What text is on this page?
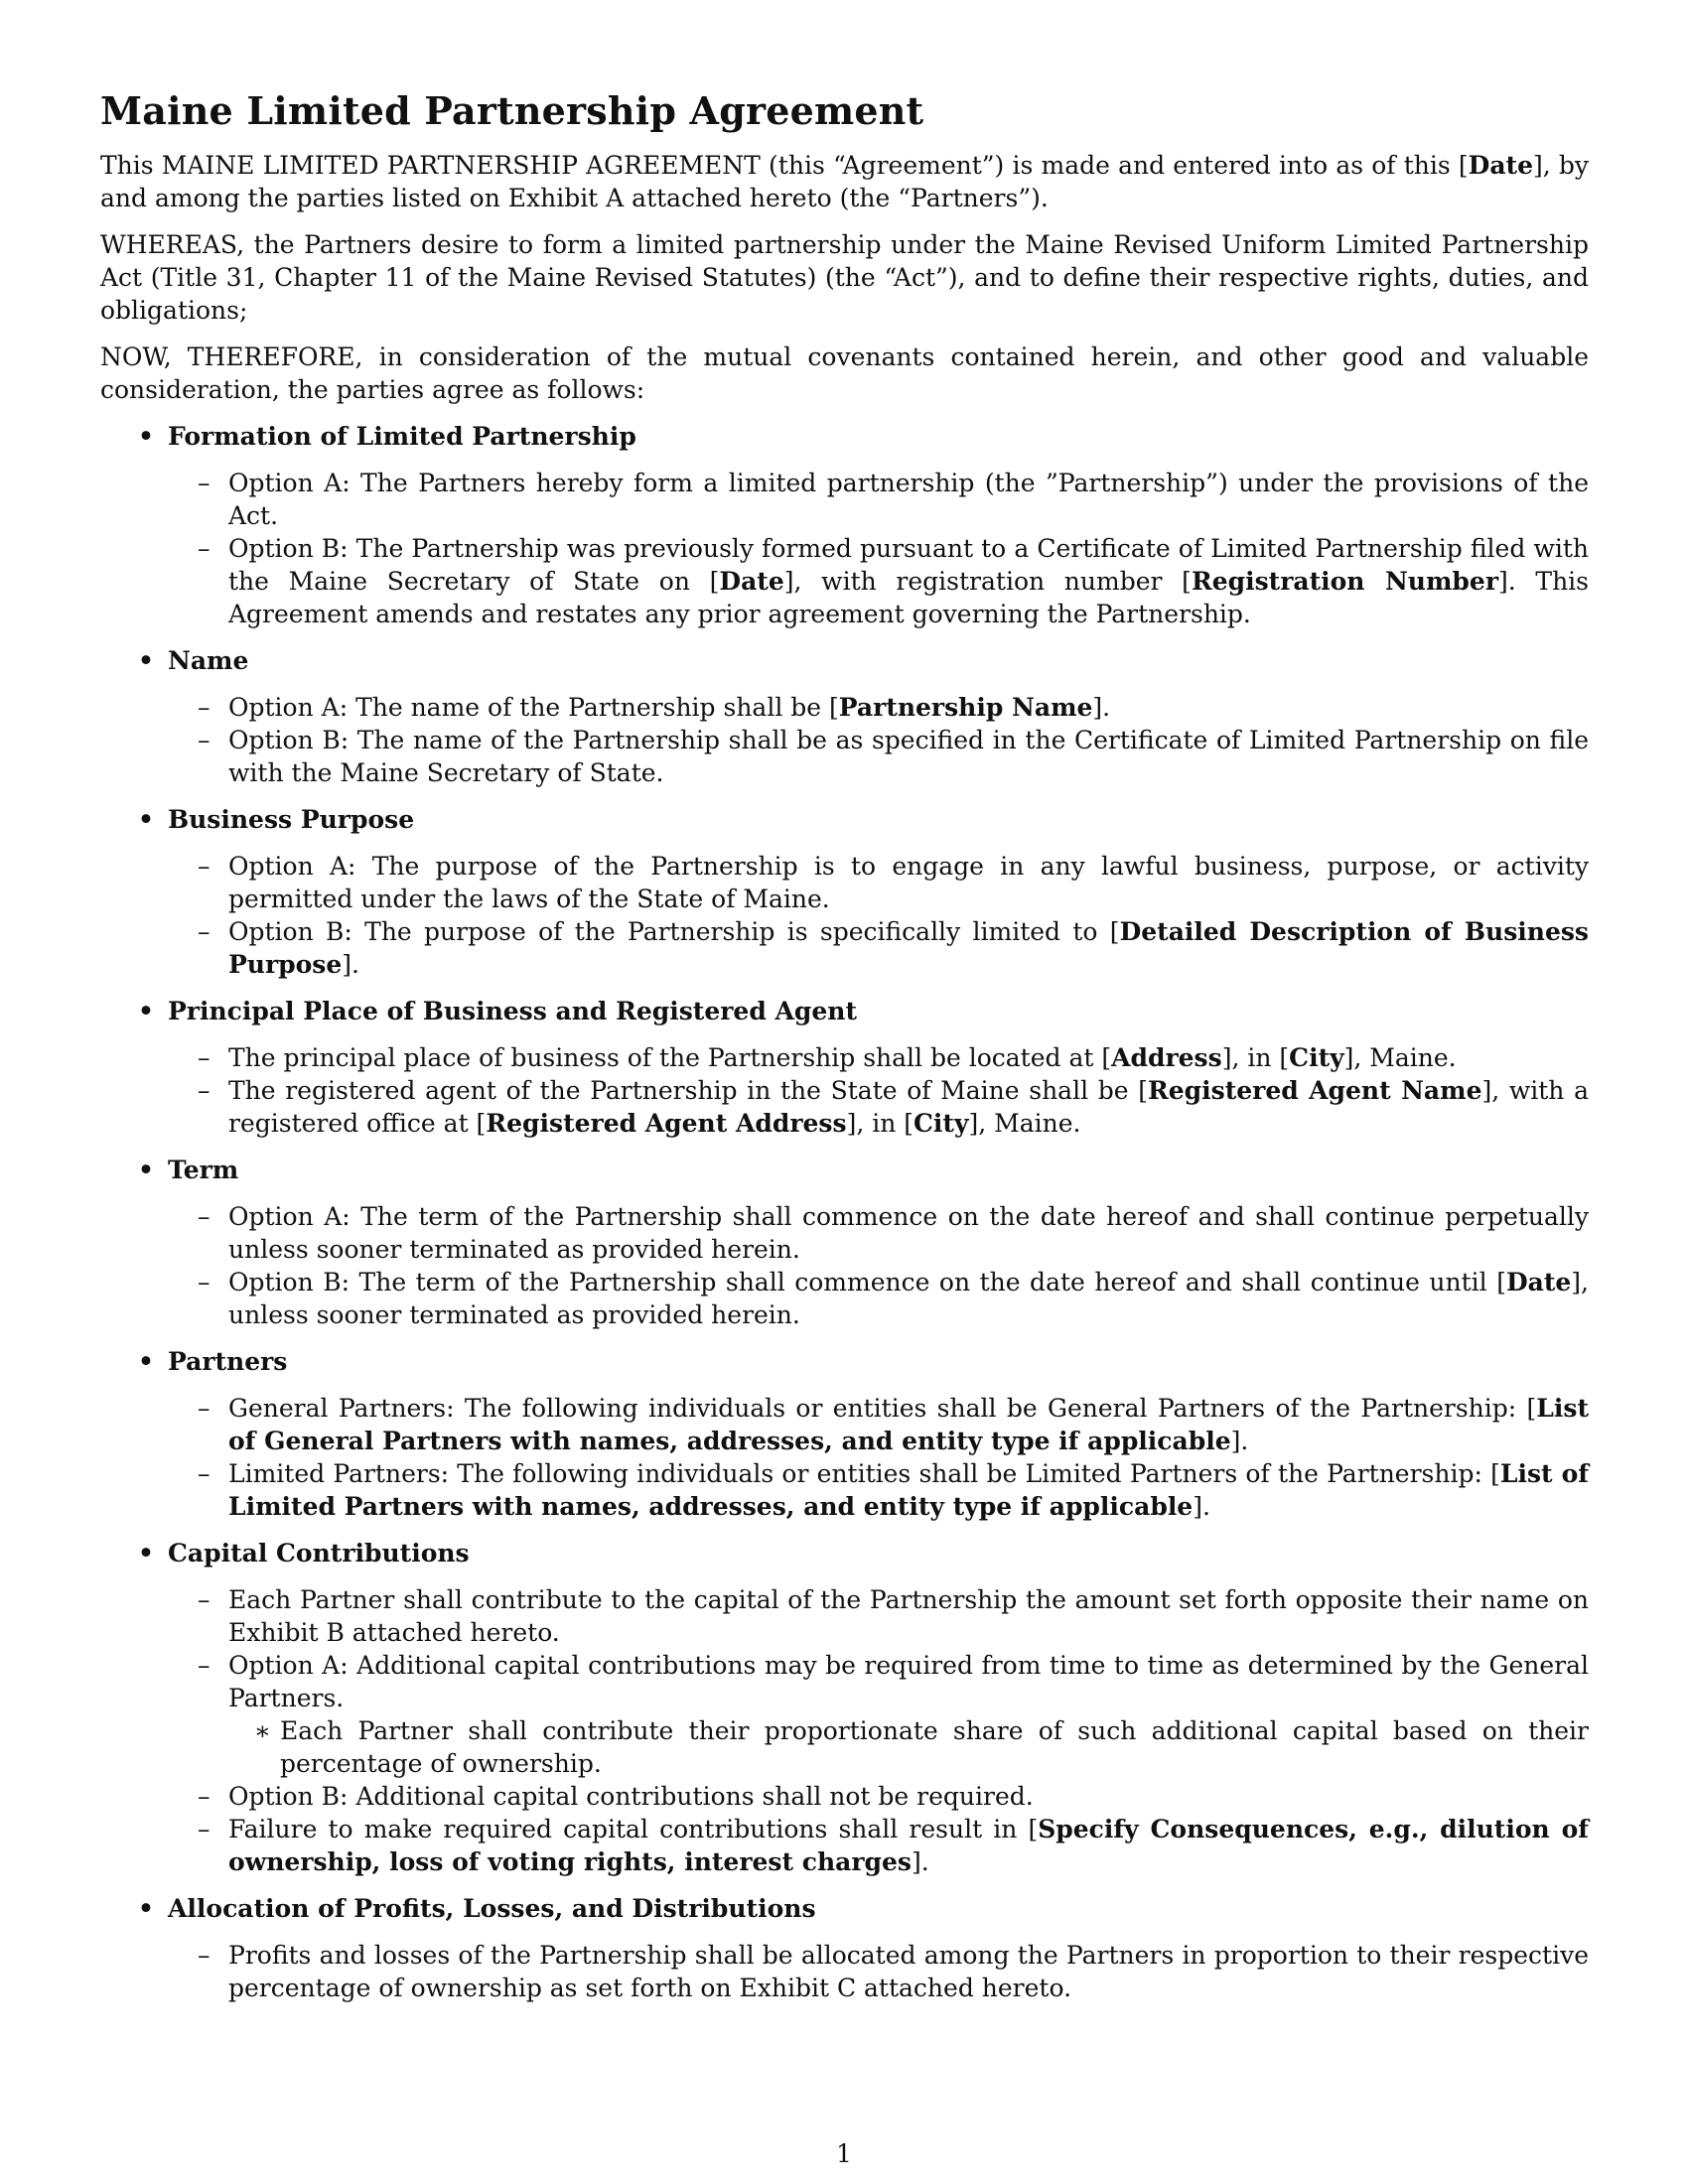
Maine Limited Partnership Agreement

This MAINE LIMITED PARTNERSHIP AGREEMENT (this “Agreement”) is made and entered into as of this [Date], by and among the parties listed on Exhibit A attached hereto (the “Partners”).

WHEREAS, the Partners desire to form a limited partnership under the Maine Revised Uniform Limited Partnership Act (Title 31, Chapter 11 of the Maine Revised Statutes) (the “Act”), and to define their respective rights, duties, and obligations;

NOW, THEREFORE, in consideration of the mutual covenants contained herein, and other good and valuable consideration, the parties agree as follows:

• Formation of Limited Partnership
– Option A: The Partners hereby form a limited partnership (the ”Partnership”) under the provisions of the Act.
– Option B: The Partnership was previously formed pursuant to a Certificate of Limited Partnership filed with the Maine Secretary of State on [Date], with registration number [Registration Number]. This Agreement amends and restates any prior agreement governing the Partnership.
• Name
– Option A: The name of the Partnership shall be [Partnership Name].
– Option B: The name of the Partnership shall be as specified in the Certificate of Limited Partnership on file with the Maine Secretary of State.
• Business Purpose
– Option A: The purpose of the Partnership is to engage in any lawful business, purpose, or activity permitted under the laws of the State of Maine.
– Option B: The purpose of the Partnership is specifically limited to [Detailed Description of Business Purpose].
• Principal Place of Business and Registered Agent
– The principal place of business of the Partnership shall be located at [Address], in [City], Maine.
– The registered agent of the Partnership in the State of Maine shall be [Registered Agent Name], with a registered office at [Registered Agent Address], in [City], Maine.
• Term
– Option A: The term of the Partnership shall commence on the date hereof and shall continue perpetually unless sooner terminated as provided herein.
– Option B: The term of the Partnership shall commence on the date hereof and shall continue until [Date], unless sooner terminated as provided herein.
• Partners
– General Partners: The following individuals or entities shall be General Partners of the Partnership: [List of General Partners with names, addresses, and entity type if applicable].
– Limited Partners: The following individuals or entities shall be Limited Partners of the Partnership: [List of Limited Partners with names, addresses, and entity type if applicable].
• Capital Contributions
– Each Partner shall contribute to the capital of the Partnership the amount set forth opposite their name on Exhibit B attached hereto.
– Option A: Additional capital contributions may be required from time to time as determined by the General Partners.
∗ Each Partner shall contribute their proportionate share of such additional capital based on their percentage of ownership.
– Option B: Additional capital contributions shall not be required.
– Failure to make required capital contributions shall result in [Specify Consequences, e.g., dilution of ownership, loss of voting rights, interest charges].
• Allocation of Profits, Losses, and Distributions
– Profits and losses of the Partnership shall be allocated among the Partners in proportion to their respective percentage of ownership as set forth on Exhibit C attached hereto.
1
